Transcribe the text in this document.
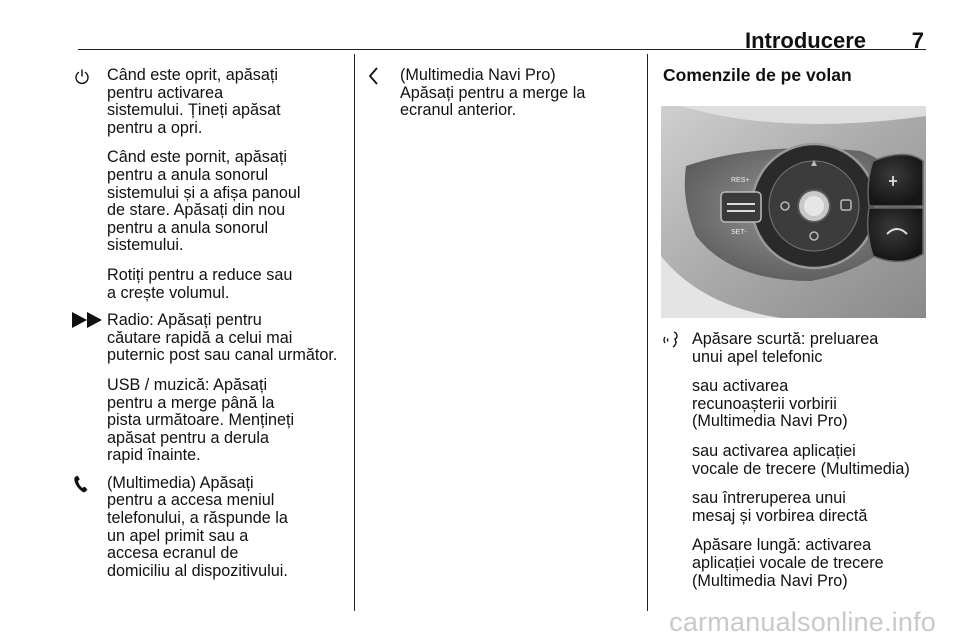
Introducere 7

Când este oprit, apăsați
pentru activarea
sistemului. Țineți apăsat
pentru a opri.

Când este pornit, apăsați
pentru a anula sonorul
sistemului și a afișa panoul
de stare. Apăsați din nou
pentru a anula sonorul
sistemului.

Rotiți pentru a reduce sau
a crește volumul.

Radio: Apăsați pentru
căutare rapidă a celui mai
puternic post sau canal următor.

USB / muzică: Apăsați
pentru a merge până la
pista următoare. Mențineți
apăsat pentru a derula
rapid înainte.

(Multimedia) Apăsați
pentru a accesa meniul
telefonului, a răspunde la
un apel primit sau a
accesa ecranul de
domiciliu al dispozitivului.

(Multimedia Navi Pro)
Apăsați pentru a merge la
ecranul anterior.

Comenzile de pe volan
RES+
SET-

Apăsare scurtă: preluarea
unui apel telefonic

sau activarea
recunoașterii vorbirii
(Multimedia Navi Pro)

sau activarea aplicației
vocale de trecere (Multimedia)

sau întreruperea unui
mesaj și vorbirea directă

Apăsare lungă: activarea
aplicației vocale de trecere
(Multimedia Navi Pro)

carmanualsonline.info
